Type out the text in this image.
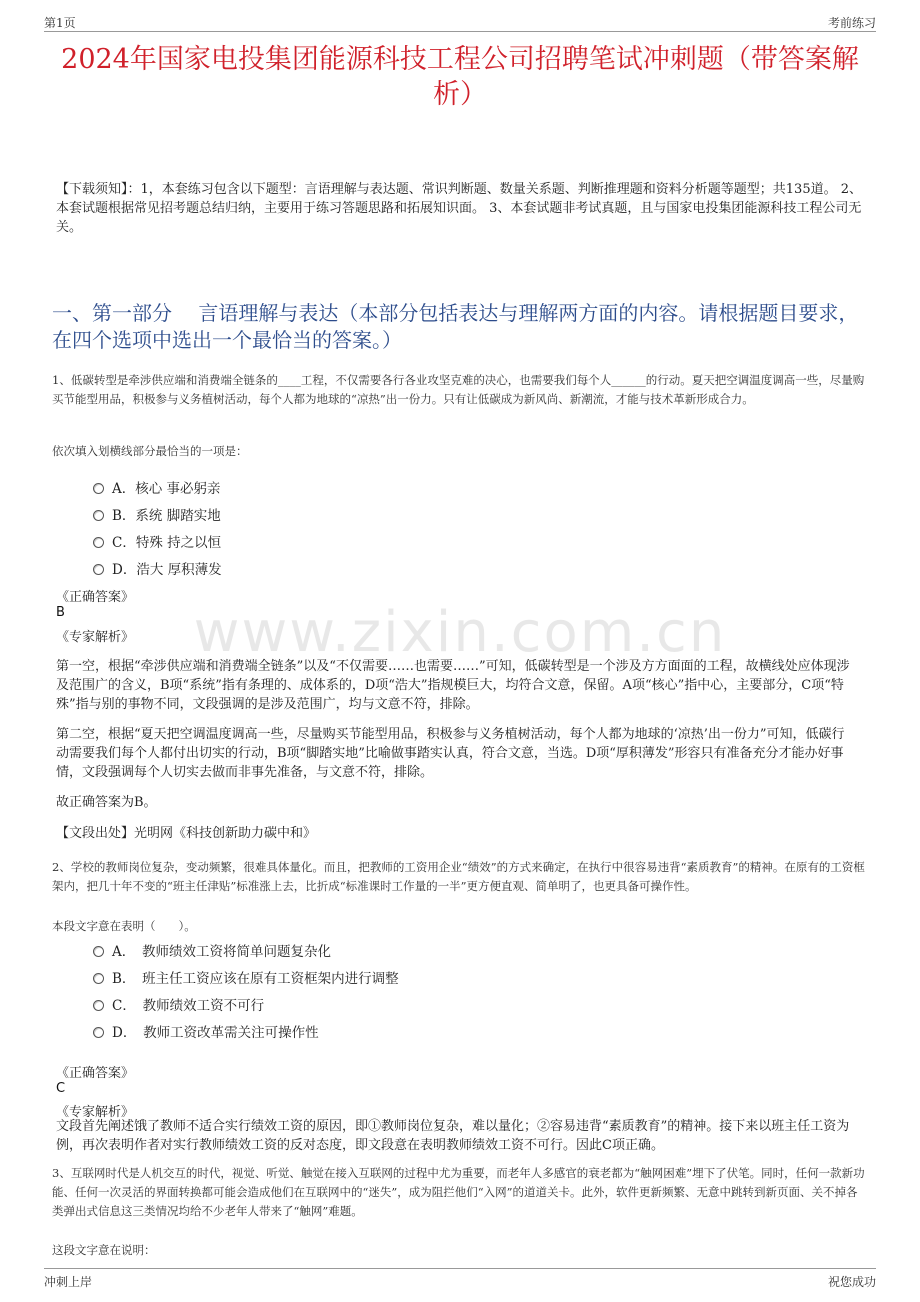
第1页	考前练习
2024年国家电投集团能源科技工程公司招聘笔试冲刺题（带答案解析）
【下载须知】：1，本套练习包含以下题型：言语理解与表达题、常识判断题、数量关系题、判断推理题和资料分析题等题型；共135道。 2、本套试题根据常见招考题总结归纳，主要用于练习答题思路和拓展知识面。 3、本套试题非考试真题，且与国家电投集团能源科技工程公司无关。
一、第一部分　 言语理解与表达（本部分包括表达与理解两方面的内容。请根据题目要求，在四个选项中选出一个最恰当的答案。）
www.zixin.com.cn
1、低碳转型是牵涉供应端和消费端全链条的____工程，不仅需要各行各业攻坚克难的决心，也需要我们每个人______的行动。夏天把空调温度调高一些，尽量购买节能型用品，积极参与义务植树活动，每个人都为地球的“凉热”出一份力。只有让低碳成为新风尚、新潮流，才能与技术革新形成合力。
依次填入划横线部分最恰当的一项是：
A．核心 事必躬亲
B．系统 脚踏实地
C．特殊 持之以恒
D．浩大 厚积薄发
《正确答案》
B
《专家解析》
第一空，根据“牵涉供应端和消费端全链条”以及“不仅需要……也需要……”可知，低碳转型是一个涉及方方面面的工程，故横线处应体现涉及范围广的含义，B项“系统”指有条理的、成体系的，D项“浩大”指规模巨大，均符合文意，保留。A项“核心”指中心，主要部分，C项“特殊”指与别的事物不同，文段强调的是涉及范围广，均与文意不符，排除。
第二空，根据“夏天把空调温度调高一些，尽量购买节能型用品，积极参与义务植树活动，每个人都为地球的‘凉热’出一份力”可知，低碳行动需要我们每个人都付出切实的行动，B项“脚踏实地”比喻做事踏实认真，符合文意，当选。D项“厚积薄发”形容只有准备充分才能办好事情，文段强调每个人切实去做而非事先准备，与文意不符，排除。
故正确答案为B。
【文段出处】光明网《科技创新助力碳中和》
2、学校的教师岗位复杂，变动频繁，很难具体量化。而且，把教师的工资用企业“绩效”的方式来确定，在执行中很容易违背“素质教育”的精神。在原有的工资框架内，把几十年不变的“班主任津贴”标准涨上去，比折成“标准课时工作量的一半”更方便直观、简单明了，也更具备可操作性。
本段文字意在表明（　　）。
A．　教师绩效工资将简单问题复杂化
B．　班主任工资应该在原有工资框架内进行调整
C．　教师绩效工资不可行
D．　教师工资改革需关注可操作性
《正确答案》
C
《专家解析》
文段首先阐述饿了教师不适合实行绩效工资的原因，即①教师岗位复杂，难以量化；②容易违背“素质教育”的精神。接下来以班主任工资为例，再次表明作者对实行教师绩效工资的反对态度，即文段意在表明教师绩效工资不可行。因此C项正确。
3、互联网时代是人机交互的时代，视觉、听觉、触觉在接入互联网的过程中尤为重要，而老年人多感官的衰老都为“触网困难”埋下了伏笔。同时，任何一款新功能、任何一次灵活的界面转换都可能会造成他们在互联网中的“迷失”，成为阻拦他们“入网”的道道关卡。此外，软件更新频繁、无意中跳转到新页面、关不掉各类弹出式信息这三类情况均给不少老年人带来了“触网”难题。
这段文字意在说明：
冲刺上岸	祝您成功
